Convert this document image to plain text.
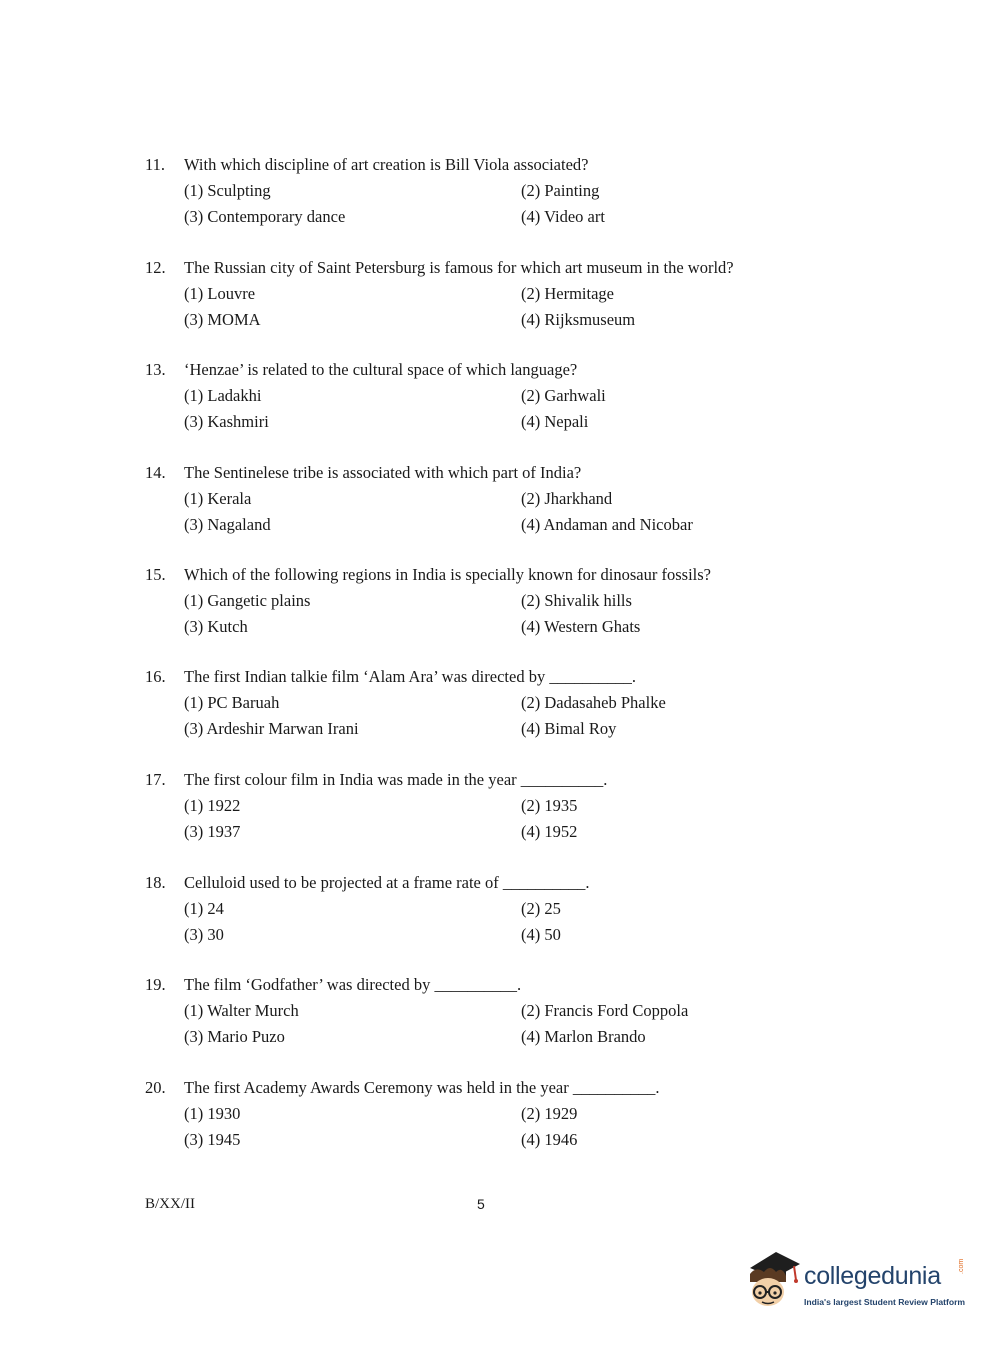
11. With which discipline of art creation is Bill Viola associated?
(1) Sculpting	(2) Painting
(3) Contemporary dance	(4) Video art
12. The Russian city of Saint Petersburg is famous for which art museum in the world?
(1) Louvre	(2) Hermitage
(3) MOMA	(4) Rijksmuseum
13. ‘Henzae’ is related to the cultural space of which language?
(1) Ladakhi	(2) Garhwali
(3) Kashmiri	(4) Nepali
14. The Sentinelese tribe is associated with which part of India?
(1) Kerala	(2) Jharkhand
(3) Nagaland	(4) Andaman and Nicobar
15. Which of the following regions in India is specially known for dinosaur fossils?
(1) Gangetic plains	(2) Shivalik hills
(3) Kutch	(4) Western Ghats
16. The first Indian talkie film ‘Alam Ara’ was directed by __________.
(1) PC Baruah	(2) Dadasaheb Phalke
(3) Ardeshir Marwan Irani	(4) Bimal Roy
17. The first colour film in India was made in the year __________.
(1) 1922	(2) 1935
(3) 1937	(4) 1952
18. Celluloid used to be projected at a frame rate of __________.
(1) 24	(2) 25
(3) 30	(4) 50
19. The film ‘Godfather’ was directed by __________.
(1) Walter Murch	(2) Francis Ford Coppola
(3) Mario Puzo	(4) Marlon Brando
20. The first Academy Awards Ceremony was held in the year __________.
(1) 1930	(2) 1929
(3) 1945	(4) 1946
B/XX/II	5
collegedunia .com
India's largest Student Review Platform
